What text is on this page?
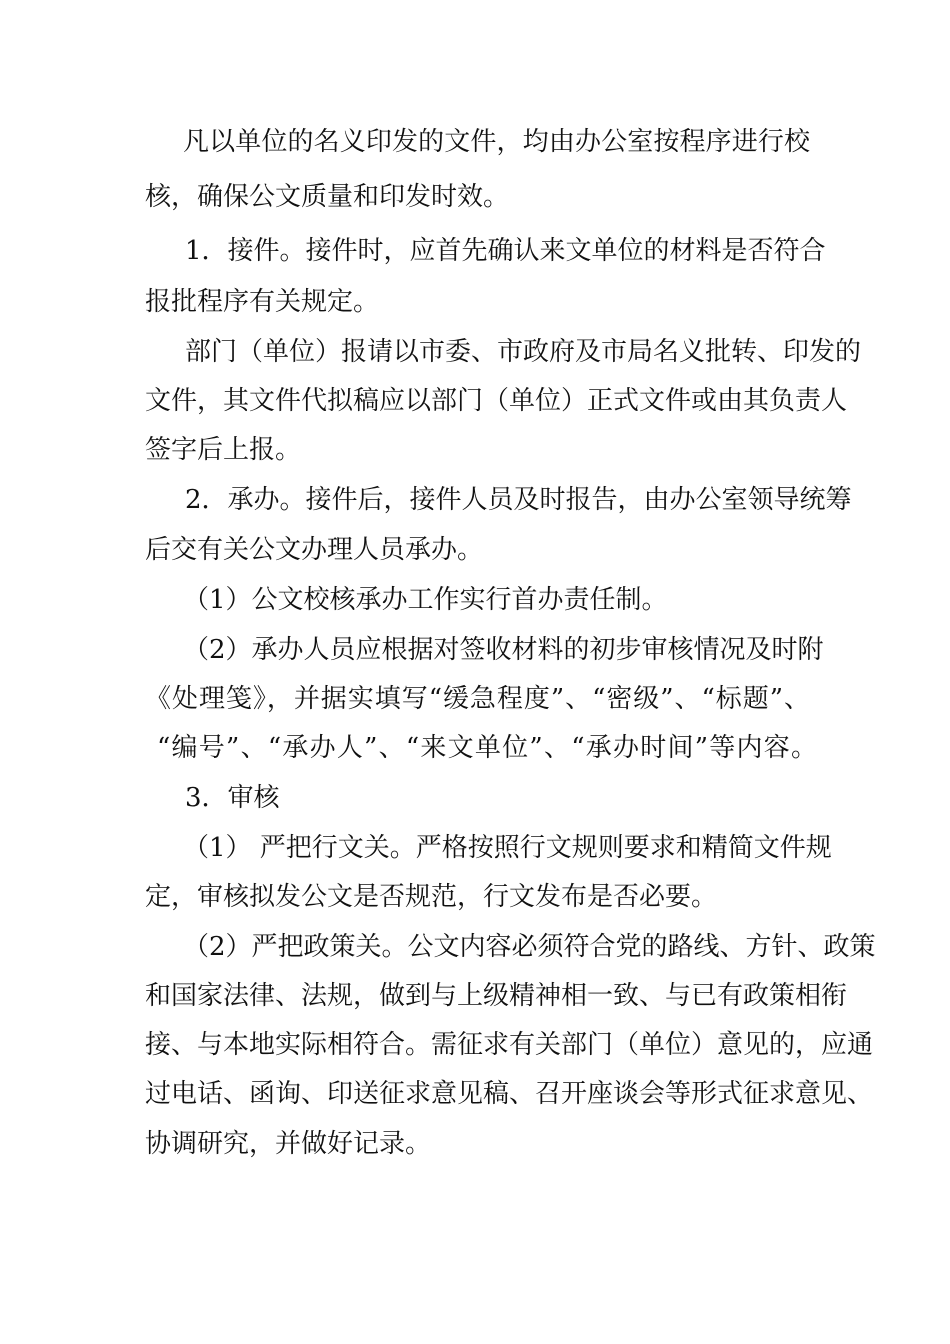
凡以单位的名义印发的文件，均由办公室按程序进行校
核，确保公文质量和印发时效。
1．接件。接件时，应首先确认来文单位的材料是否符合
报批程序有关规定。
部门（单位）报请以市委、市政府及市局名义批转、印发的
文件，其文件代拟稿应以部门（单位）正式文件或由其负责人
签字后上报。
2．承办。接件后，接件人员及时报告，由办公室领导统筹
后交有关公文办理人员承办。
（1）公文校核承办工作实行首办责任制。
（2）承办人员应根据对签收材料的初步审核情况及时附
《处理笺》，并据实填写“缓急程度”、“密级”、“标题”、
“编号”、“承办人”、“来文单位”、“承办时间”等内容。
3．审核
（1） 严把行文关。严格按照行文规则要求和精简文件规
定，审核拟发公文是否规范，行文发布是否必要。
（2）严把政策关。公文内容必须符合党的路线、方针、政策
和国家法律、法规，做到与上级精神相一致、与已有政策相衔
接、与本地实际相符合。需征求有关部门（单位）意见的，应通
过电话、函询、印送征求意见稿、召开座谈会等形式征求意见、
协调研究，并做好记录。
